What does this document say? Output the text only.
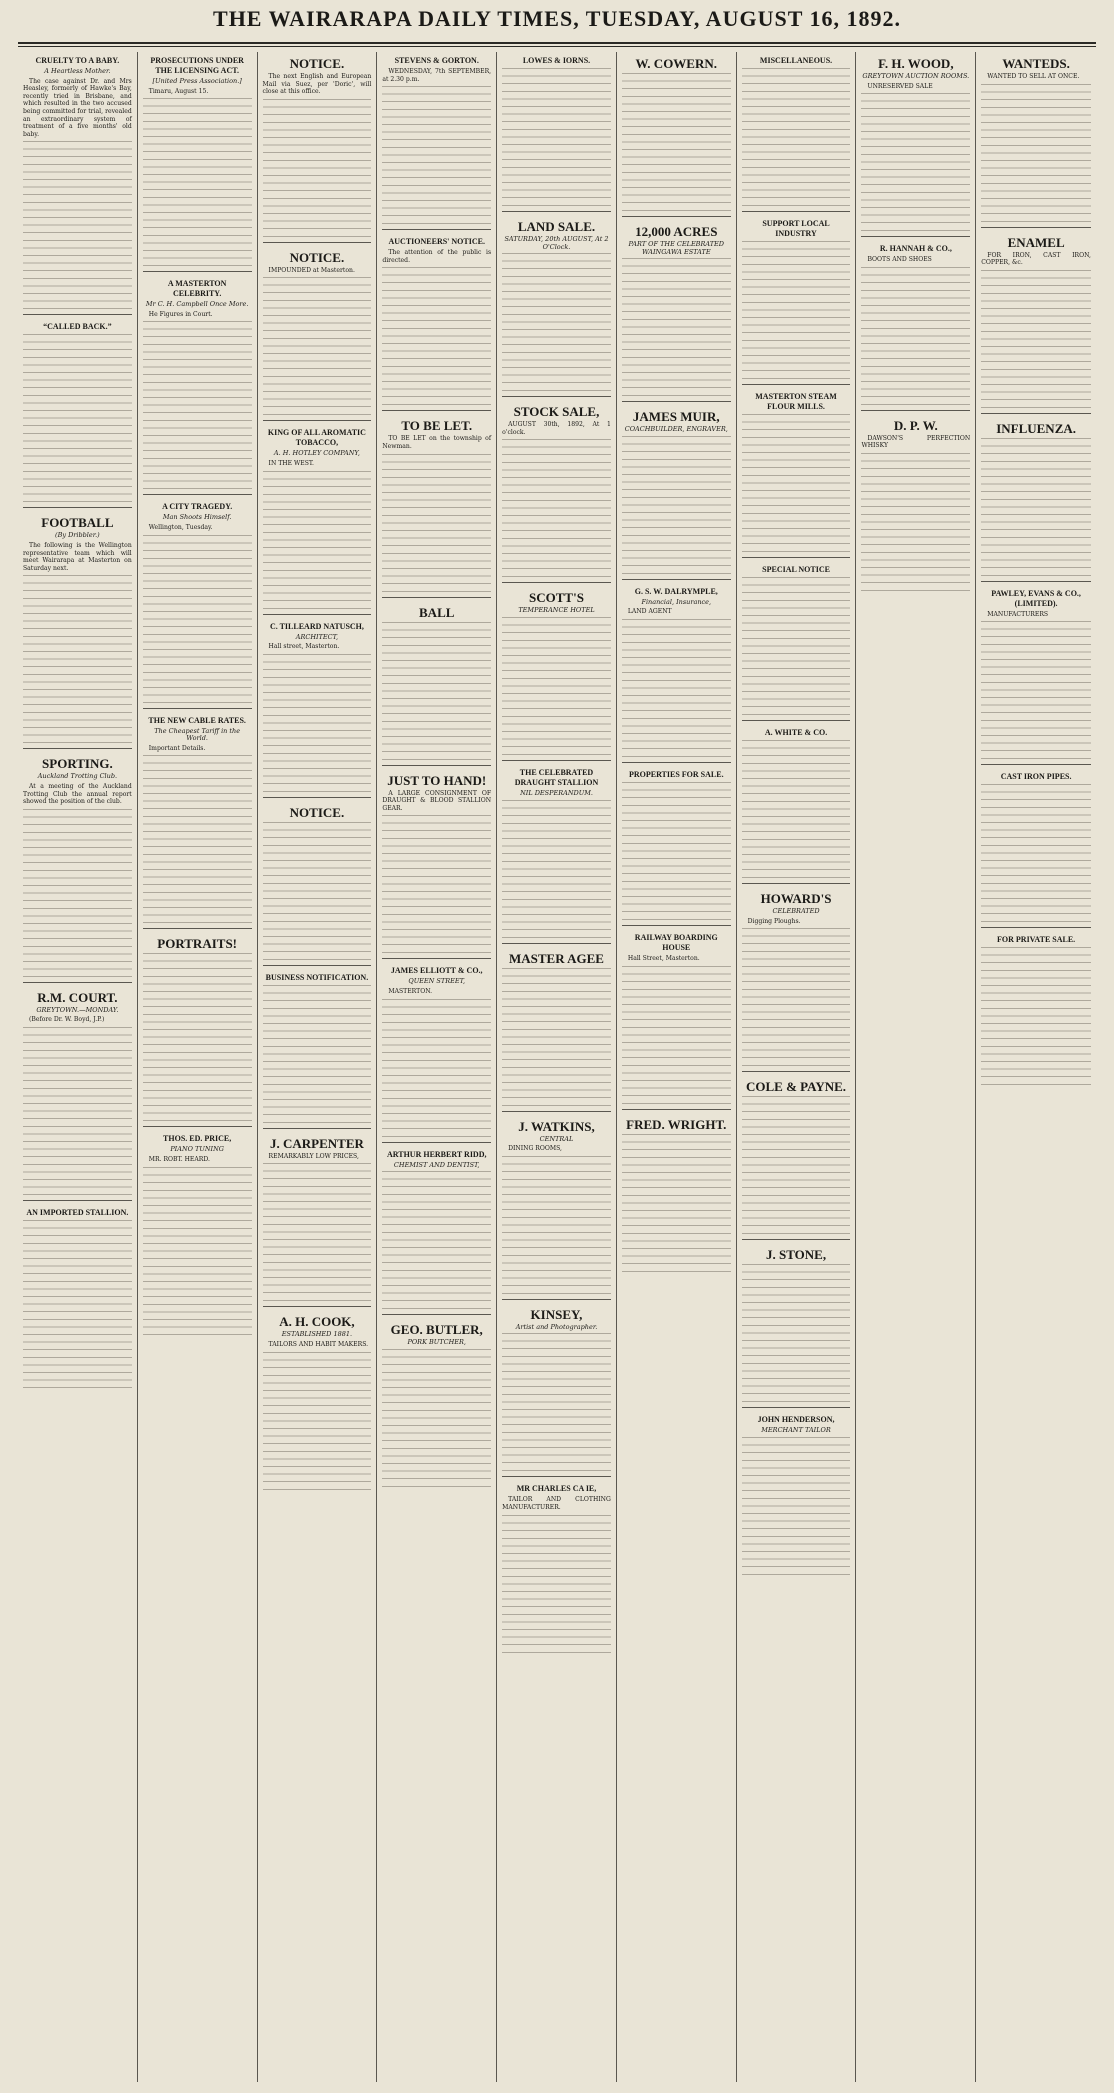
THE WAIRARAPA DAILY TIMES, TUESDAY, AUGUST 16, 1892.
CRUELTY TO A BABY.
A Heartless Mother.
The case against Dr. and Mrs Heasley, formerly of Hawke's Bay, recently tried in Brisbane, and which resulted in the two accused being committed for trial, revealed an extraordinary system of treatment of a five months' old baby.
“CALLED BACK.”
FOOTBALL
(By Dribbler.)
The following is the Wellington representative team which will meet Wairarapa at Masterton on Saturday next.
SPORTING.
Auckland Trotting Club.
At a meeting of the Auckland Trotting Club the annual report showed the position of the club.
R.M. COURT.
GREYTOWN.—MONDAY.
(Before Dr. W. Boyd, J.P.)
AN IMPORTED STALLION.
PROSECUTIONS UNDER THE LICENSING ACT.
[United Press Association.]
Timaru, August 15.
A MASTERTON CELEBRITY.
Mr C. H. Campbell Once More.
He Figures in Court.
A CITY TRAGEDY.
Man Shoots Himself.
Wellington, Tuesday.
THE NEW CABLE RATES.
The Cheapest Tariff in the World.
Important Details.
PORTRAITS!
THOS. ED. PRICE,
PIANO TUNING
MR. ROBT. HEARD.
NOTICE.
The next English and European Mail via Suez, per 'Doric', will close at this office.
NOTICE.
IMPOUNDED at Masterton.
KING OF ALL AROMATIC TOBACCO,
A. H. HOTLEY COMPANY,
IN THE WEST.
C. TILLEARD NATUSCH,
ARCHITECT,
Hall street, Masterton.
NOTICE.
BUSINESS NOTIFICATION.
J. CARPENTER
REMARKABLY LOW PRICES,
A. H. COOK,
ESTABLISHED 1881.
TAILORS AND HABIT MAKERS.
STEVENS & GORTON.
WEDNESDAY, 7th SEPTEMBER, at 2.30 p.m.
AUCTIONEERS' NOTICE.
The attention of the public is directed.
TO BE LET.
TO BE LET on the township of Newman.
BALL
JUST TO HAND!
A LARGE CONSIGNMENT OF DRAUGHT & BLOOD STALLION GEAR.
JAMES ELLIOTT & CO.,
QUEEN STREET,
MASTERTON.
ARTHUR HERBERT RIDD,
CHEMIST AND DENTIST,
GEO. BUTLER,
PORK BUTCHER,
LOWES & IORNS.
LAND SALE.
SATURDAY, 20th AUGUST, At 2 O'Clock.
STOCK SALE,
AUGUST 30th, 1892, At 1 o'clock.
SCOTT'S
TEMPERANCE HOTEL
THE CELEBRATED DRAUGHT STALLION
NIL DESPERANDUM.
MASTER AGEE
J. WATKINS,
CENTRAL
DINING ROOMS,
KINSEY,
Artist and Photographer.
MR CHARLES CA IE,
TAILOR AND CLOTHING MANUFACTURER.
W. COWERN.
12,000 ACRES
PART OF THE CELEBRATED WAINGAWA ESTATE
JAMES MUIR,
COACHBUILDER, ENGRAVER,
G. S. W. DALRYMPLE,
Financial, Insurance,
LAND AGENT
PROPERTIES FOR SALE.
RAILWAY BOARDING HOUSE
Hall Street, Masterton.
FRED. WRIGHT.
MISCELLANEOUS.
SUPPORT LOCAL INDUSTRY
MASTERTON STEAM FLOUR MILLS.
SPECIAL NOTICE
A. WHITE & CO.
HOWARD'S
CELEBRATED
Digging Ploughs.
COLE & PAYNE.
J. STONE,
JOHN HENDERSON,
MERCHANT TAILOR
F. H. WOOD,
GREYTOWN AUCTION ROOMS.
UNRESERVED SALE
R. HANNAH & CO.,
BOOTS AND SHOES
D. P. W.
DAWSON'S PERFECTION WHISKY
WANTEDS.
WANTED TO SELL AT ONCE.
ENAMEL
FOR IRON, CAST IRON, COPPER, &c.
INFLUENZA.
PAWLEY, EVANS & CO., (LIMITED).
MANUFACTURERS
CAST IRON PIPES.
FOR PRIVATE SALE.
